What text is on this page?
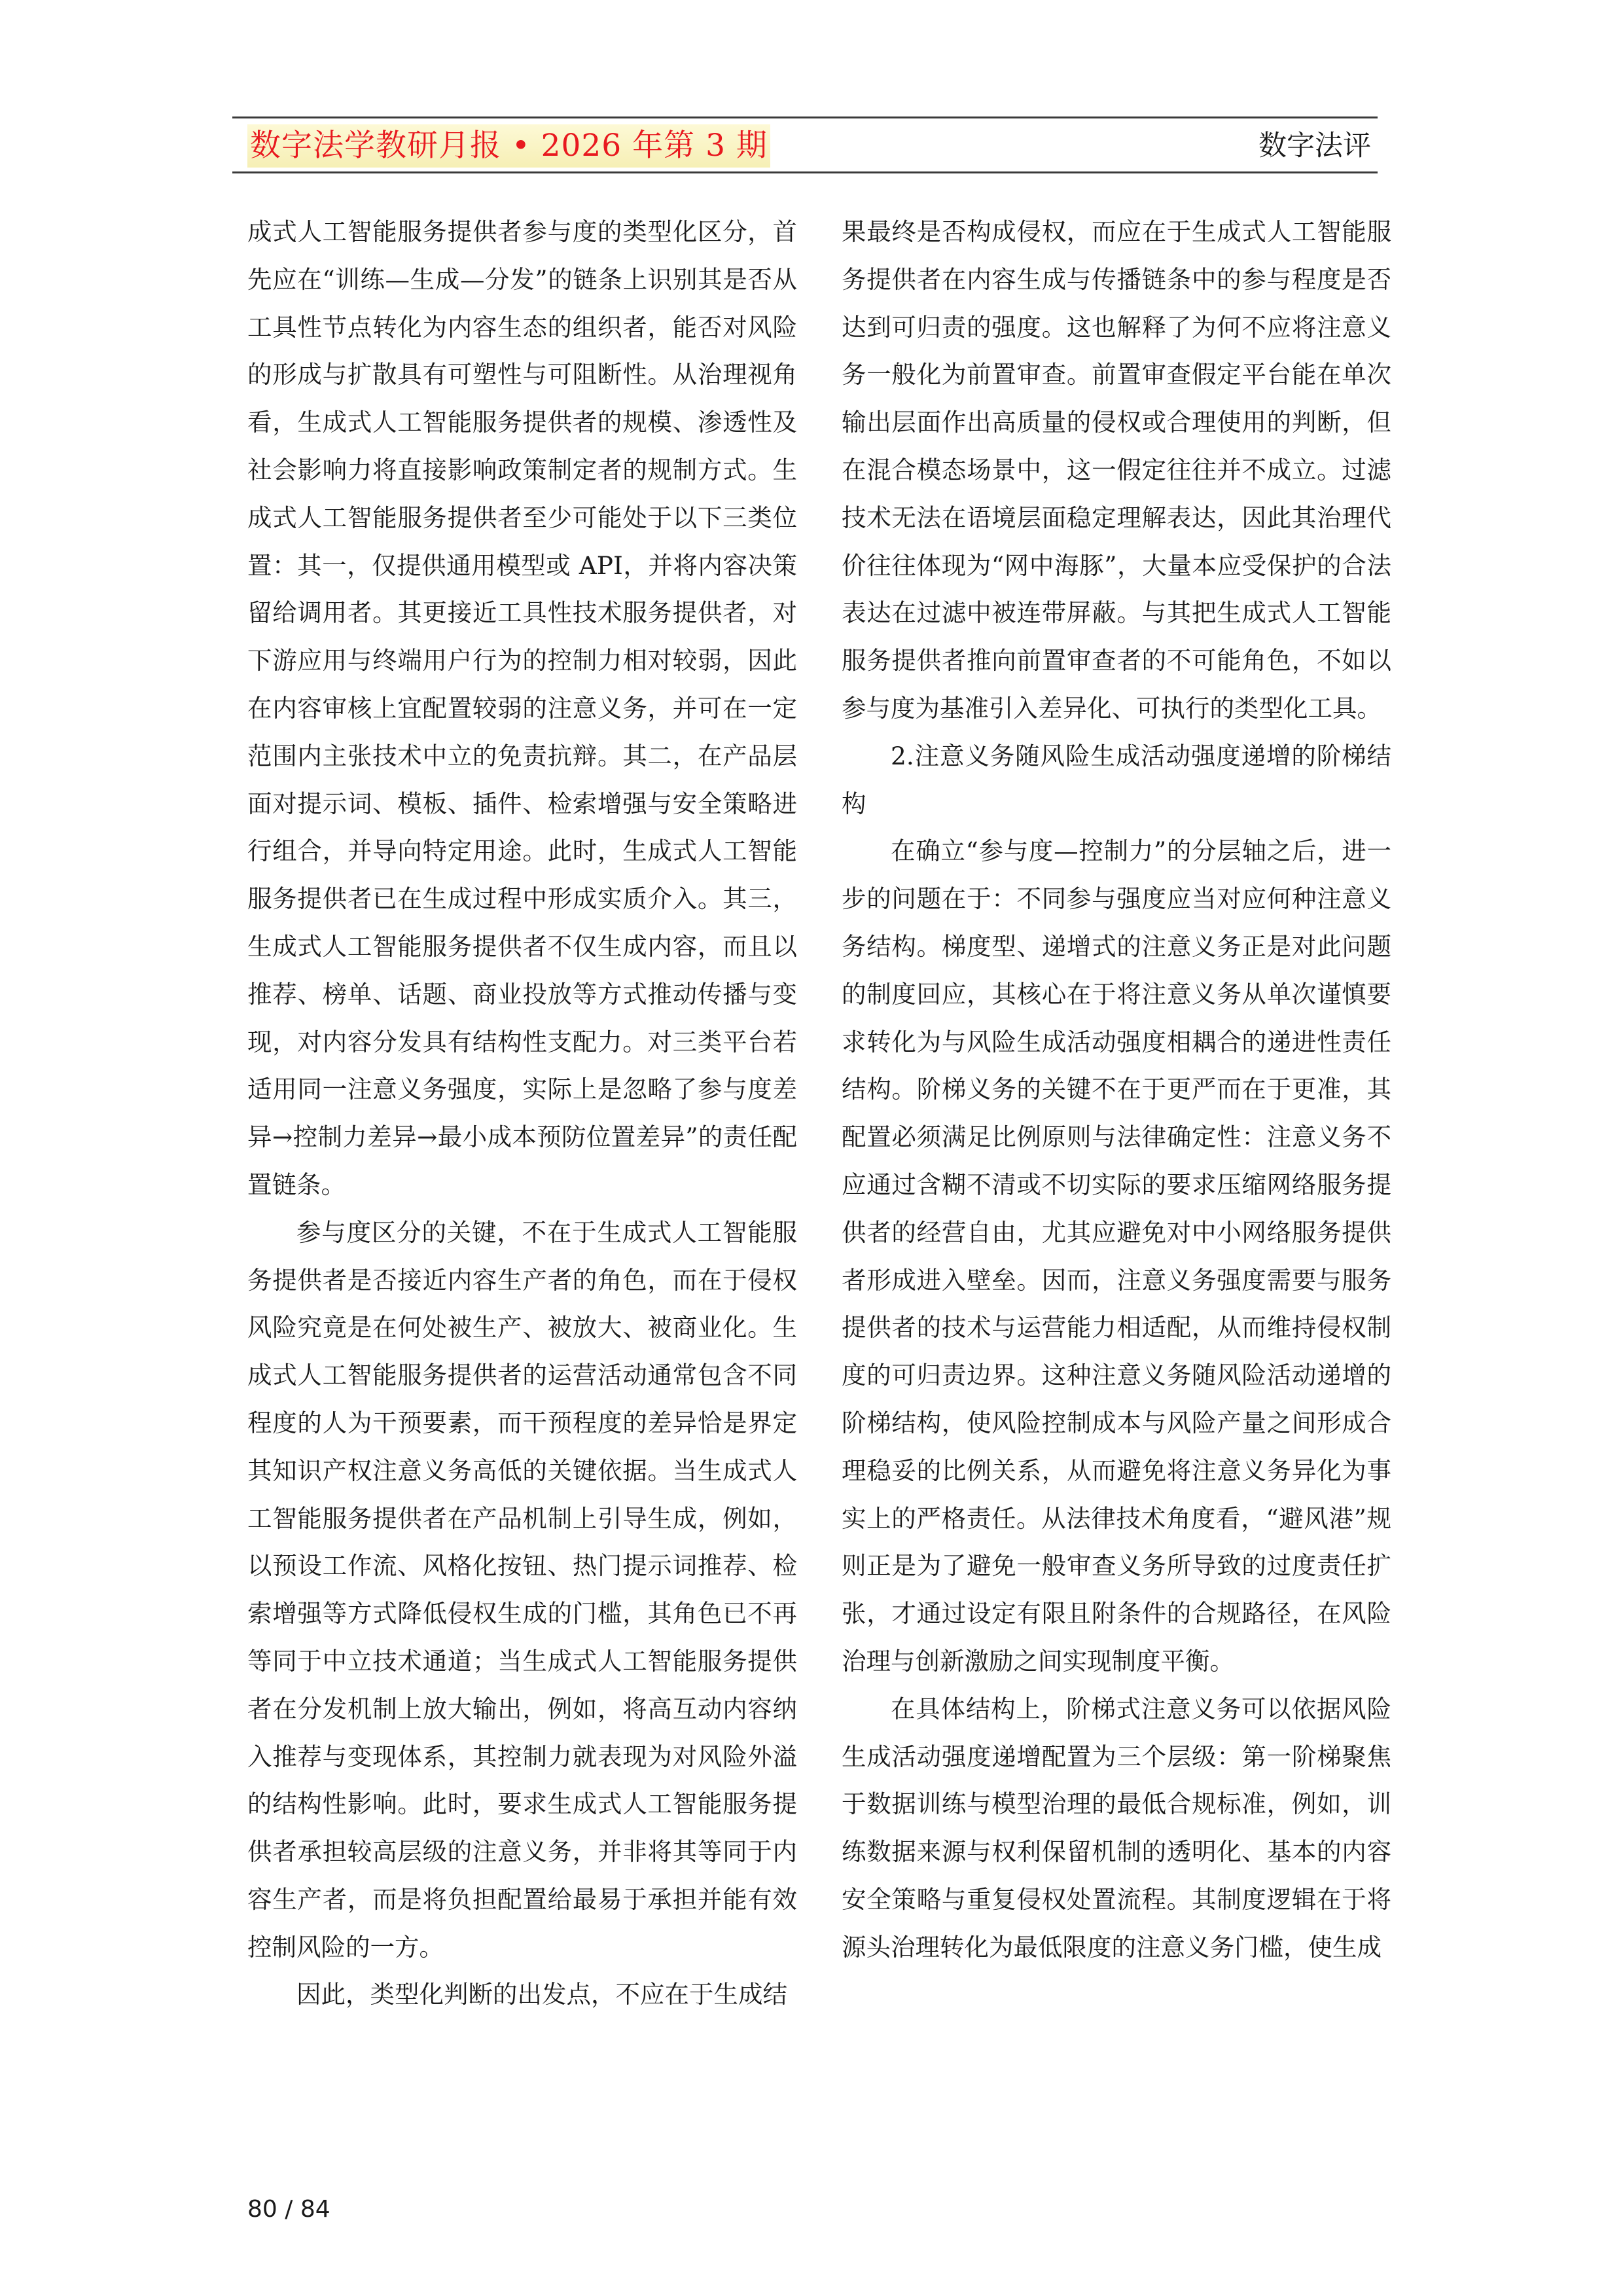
数字法学教研月报 • 2026 年第 3 期	数字法评

成式人工智能服务提供者参与度的类型化区分，首先应在“训练—生成—分发”的链条上识别其是否从工具性节点转化为内容生态的组织者，能否对风险的形成与扩散具有可塑性与可阻断性。从治理视角看，生成式人工智能服务提供者的规模、渗透性及社会影响力将直接影响政策制定者的规制方式。生成式人工智能服务提供者至少可能处于以下三类位置：其一，仅提供通用模型或 API，并将内容决策留给调用者。其更接近工具性技术服务提供者，对下游应用与终端用户行为的控制力相对较弱，因此在内容审核上宜配置较弱的注意义务，并可在一定范围内主张技术中立的免责抗辩。其二，在产品层面对提示词、模板、插件、检索增强与安全策略进行组合，并导向特定用途。此时，生成式人工智能服务提供者已在生成过程中形成实质介入。其三，生成式人工智能服务提供者不仅生成内容，而且以推荐、榜单、话题、商业投放等方式推动传播与变现，对内容分发具有结构性支配力。对三类平台若适用同一注意义务强度，实际上是忽略了参与度差异→控制力差异→最小成本预防位置差异”的责任配置链条。

参与度区分的关键，不在于生成式人工智能服务提供者是否接近内容生产者的角色，而在于侵权风险究竟是在何处被生产、被放大、被商业化。生成式人工智能服务提供者的运营活动通常包含不同程度的人为干预要素，而干预程度的差异恰是界定其知识产权注意义务高低的关键依据。当生成式人工智能服务提供者在产品机制上引导生成，例如，以预设工作流、风格化按钮、热门提示词推荐、检索增强等方式降低侵权生成的门槛，其角色已不再等同于中立技术通道；当生成式人工智能服务提供者在分发机制上放大输出，例如，将高互动内容纳入推荐与变现体系，其控制力就表现为对风险外溢的结构性影响。此时，要求生成式人工智能服务提供者承担较高层级的注意义务，并非将其等同于内容生产者，而是将负担配置给最易于承担并能有效控制风险的一方。

因此，类型化判断的出发点，不应在于生成结

果最终是否构成侵权，而应在于生成式人工智能服务提供者在内容生成与传播链条中的参与程度是否达到可归责的强度。这也解释了为何不应将注意义务一般化为前置审查。前置审查假定平台能在单次输出层面作出高质量的侵权或合理使用的判断，但在混合模态场景中，这一假定往往并不成立。过滤技术无法在语境层面稳定理解表达，因此其治理代价往往体现为“网中海豚”，大量本应受保护的合法表达在过滤中被连带屏蔽。与其把生成式人工智能服务提供者推向前置审查者的不可能角色，不如以参与度为基准引入差异化、可执行的类型化工具。

2.注意义务随风险生成活动强度递增的阶梯结构

在确立“参与度—控制力”的分层轴之后，进一步的问题在于：不同参与强度应当对应何种注意义务结构。梯度型、递增式的注意义务正是对此问题的制度回应，其核心在于将注意义务从单次谨慎要求转化为与风险生成活动强度相耦合的递进性责任结构。阶梯义务的关键不在于更严而在于更准，其配置必须满足比例原则与法律确定性：注意义务不应通过含糊不清或不切实际的要求压缩网络服务提供者的经营自由，尤其应避免对中小网络服务提供者形成进入壁垒。因而，注意义务强度需要与服务提供者的技术与运营能力相适配，从而维持侵权制度的可归责边界。这种注意义务随风险活动递增的阶梯结构，使风险控制成本与风险产量之间形成合理稳妥的比例关系，从而避免将注意义务异化为事实上的严格责任。从法律技术角度看，“避风港”规则正是为了避免一般审查义务所导致的过度责任扩张，才通过设定有限且附条件的合规路径，在风险治理与创新激励之间实现制度平衡。

在具体结构上，阶梯式注意义务可以依据风险生成活动强度递增配置为三个层级：第一阶梯聚焦于数据训练与模型治理的最低合规标准，例如，训练数据来源与权利保留机制的透明化、基本的内容安全策略与重复侵权处置流程。其制度逻辑在于将源头治理转化为最低限度的注意义务门槛，使生成

80 / 84
